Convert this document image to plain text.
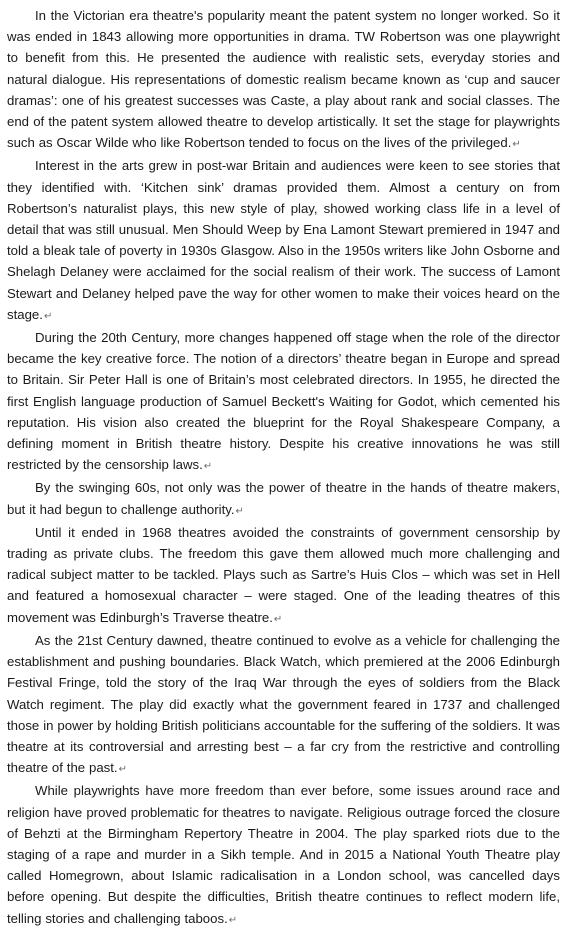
In the Victorian era theatre's popularity meant the patent system no longer worked. So it was ended in 1843 allowing more opportunities in drama. TW Robertson was one playwright to benefit from this. He presented the audience with realistic sets, everyday stories and natural dialogue. His representations of domestic realism became known as ‘cup and saucer dramas’: one of his greatest successes was Caste, a play about rank and social classes. The end of the patent system allowed theatre to develop artistically. It set the stage for playwrights such as Oscar Wilde who like Robertson tended to focus on the lives of the privileged.↵

Interest in the arts grew in post-war Britain and audiences were keen to see stories that they identified with. ‘Kitchen sink’ dramas provided them. Almost a century on from Robertson’s naturalist plays, this new style of play, showed working class life in a level of detail that was still unusual. Men Should Weep by Ena Lamont Stewart premiered in 1947 and told a bleak tale of poverty in 1930s Glasgow. Also in the 1950s writers like John Osborne and Shelagh Delaney were acclaimed for the social realism of their work. The success of Lamont Stewart and Delaney helped pave the way for other women to make their voices heard on the stage.↵

During the 20th Century, more changes happened off stage when the role of the director became the key creative force. The notion of a directors’ theatre began in Europe and spread to Britain. Sir Peter Hall is one of Britain’s most celebrated directors. In 1955, he directed the first English language production of Samuel Beckett's Waiting for Godot, which cemented his reputation. His vision also created the blueprint for the Royal Shakespeare Company, a defining moment in British theatre history. Despite his creative innovations he was still restricted by the censorship laws.↵

By the swinging 60s, not only was the power of theatre in the hands of theatre makers, but it had begun to challenge authority.↵

Until it ended in 1968 theatres avoided the constraints of government censorship by trading as private clubs. The freedom this gave them allowed much more challenging and radical subject matter to be tackled. Plays such as Sartre’s Huis Clos – which was set in Hell and featured a homosexual character – were staged. One of the leading theatres of this movement was Edinburgh’s Traverse theatre.↵

As the 21st Century dawned, theatre continued to evolve as a vehicle for challenging the establishment and pushing boundaries. Black Watch, which premiered at the 2006 Edinburgh Festival Fringe, told the story of the Iraq War through the eyes of soldiers from the Black Watch regiment. The play did exactly what the government feared in 1737 and challenged those in power by holding British politicians accountable for the suffering of the soldiers. It was theatre at its controversial and arresting best – a far cry from the restrictive and controlling theatre of the past.↵

While playwrights have more freedom than ever before, some issues around race and religion have proved problematic for theatres to navigate. Religious outrage forced the closure of Behzti at the Birmingham Repertory Theatre in 2004. The play sparked riots due to the staging of a rape and murder in a Sikh temple. And in 2015 a National Youth Theatre play called Homegrown, about Islamic radicalisation in a London school, was cancelled days before opening. But despite the difficulties, British theatre continues to reflect modern life, telling stories and challenging taboos.↵
